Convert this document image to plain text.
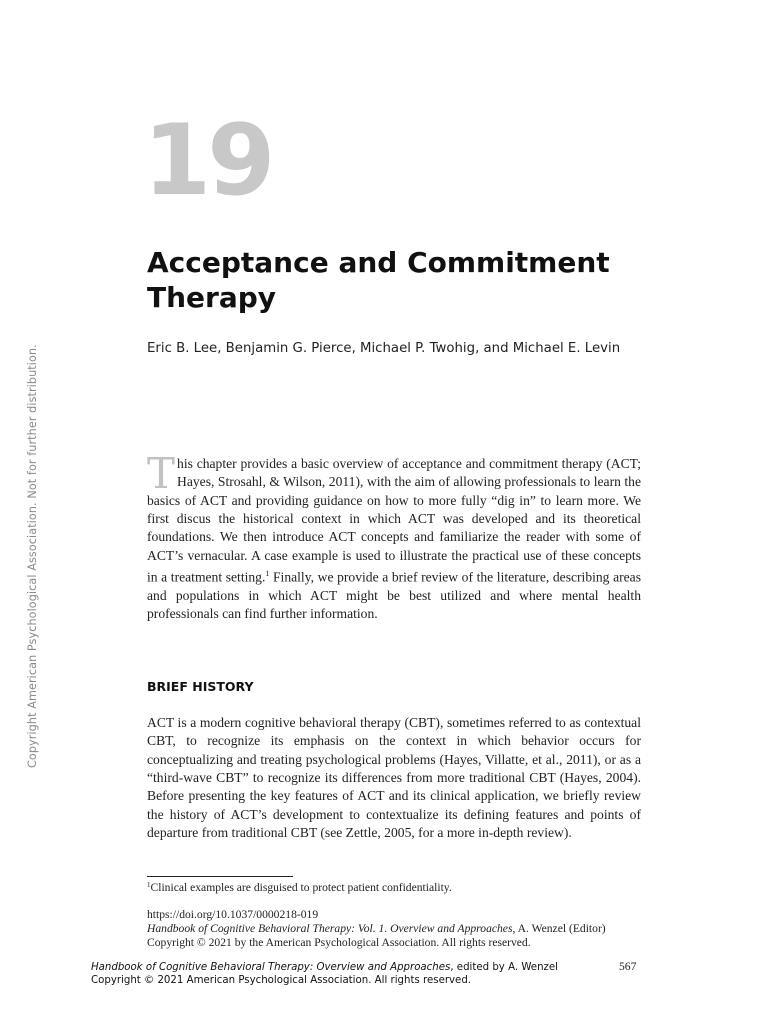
Copyright American Psychological Association. Not for further distribution.
19
Acceptance and Commitment Therapy
Eric B. Lee, Benjamin G. Pierce, Michael P. Twohig, and Michael E. Levin
This chapter provides a basic overview of acceptance and commitment therapy (ACT; Hayes, Strosahl, & Wilson, 2011), with the aim of allowing professionals to learn the basics of ACT and providing guidance on how to more fully “dig in” to learn more. We first discus the historical context in which ACT was developed and its theoretical foundations. We then introduce ACT concepts and familiarize the reader with some of ACT’s vernacular. A case example is used to illustrate the practical use of these concepts in a treatment setting.$^1$ Finally, we provide a brief review of the literature, describing areas and populations in which ACT might be best utilized and where mental health professionals can find further information.
BRIEF HISTORY
ACT is a modern cognitive behavioral therapy (CBT), sometimes referred to as contextual CBT, to recognize its emphasis on the context in which behavior occurs for conceptualizing and treating psychological problems (Hayes, Villatte, et al., 2011), or as a “third-wave CBT” to recognize its differences from more traditional CBT (Hayes, 2004). Before presenting the key features of ACT and its clinical application, we briefly review the history of ACT’s development to contextualize its defining features and points of departure from traditional CBT (see Zettle, 2005, for a more in-depth review).
$^1$Clinical examples are disguised to protect patient confidentiality.
https://doi.org/10.1037/0000218-019
Handbook of Cognitive Behavioral Therapy: Vol. 1. Overview and Approaches, A. Wenzel (Editor)
Copyright © 2021 by the American Psychological Association. All rights reserved.
Handbook of Cognitive Behavioral Therapy: Overview and Approaches, edited by A. Wenzel
Copyright © 2021 American Psychological Association. All rights reserved.
567
